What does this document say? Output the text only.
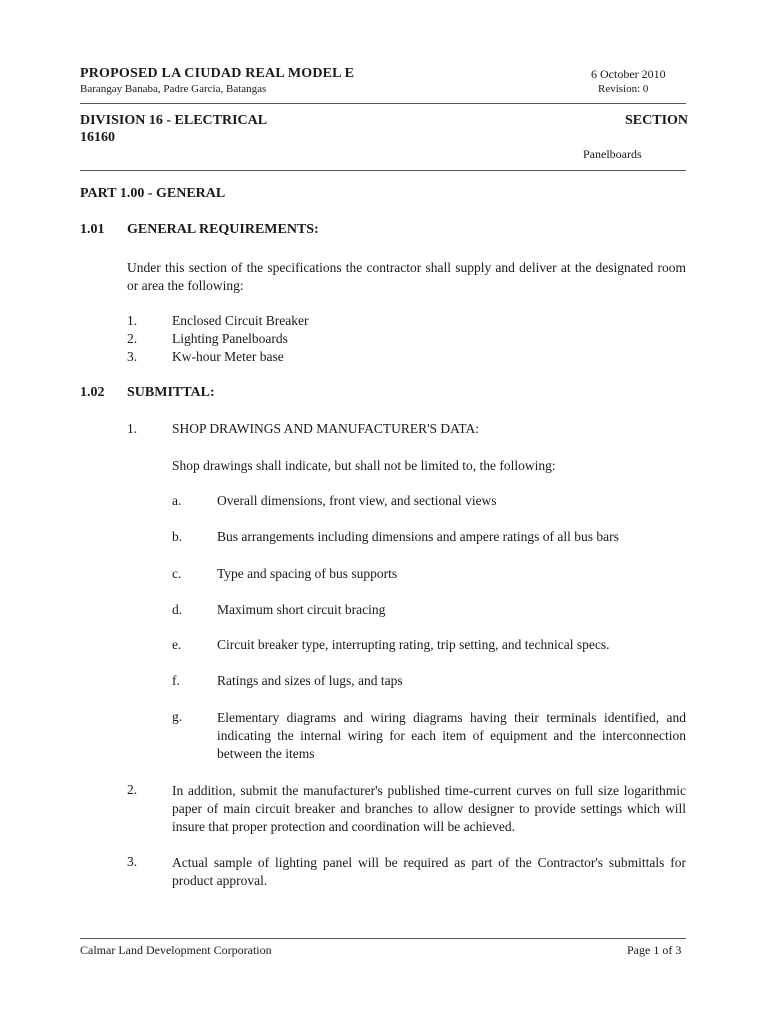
PROPOSED LA CIUDAD REAL MODEL E
Barangay Banaba, Padre Garcia, Batangas
6 October 2010
Revision: 0
DIVISION 16 - ELECTRICAL	SECTION
16160
Panelboards
PART 1.00 - GENERAL
1.01 GENERAL REQUIREMENTS:
Under this section of the specifications the contractor shall supply and deliver at the designated room or area the following:
1.	Enclosed Circuit Breaker
2.	Lighting Panelboards
3.	Kw-hour Meter base
1.02 SUBMITTAL:
1.	SHOP DRAWINGS AND MANUFACTURER'S DATA:
Shop drawings shall indicate, but shall not be limited to, the following:
a.	Overall dimensions, front view, and sectional views
b.	Bus arrangements including dimensions and ampere ratings of all bus bars
c.	Type and spacing of bus supports
d.	Maximum short circuit bracing
e.	Circuit breaker type, interrupting rating, trip setting, and technical specs.
f.	Ratings and sizes of lugs, and taps
g.	Elementary diagrams and wiring diagrams having their terminals identified, and indicating the internal wiring for each item of equipment and the interconnection between the items
2.	In addition, submit the manufacturer's published time-current curves on full size logarithmic paper of main circuit breaker and branches to allow designer to provide settings which will insure that proper protection and coordination will be achieved.
3.	Actual sample of lighting panel will be required as part of the Contractor's submittals for product approval.
Calmar Land Development Corporation	Page 1 of 3
